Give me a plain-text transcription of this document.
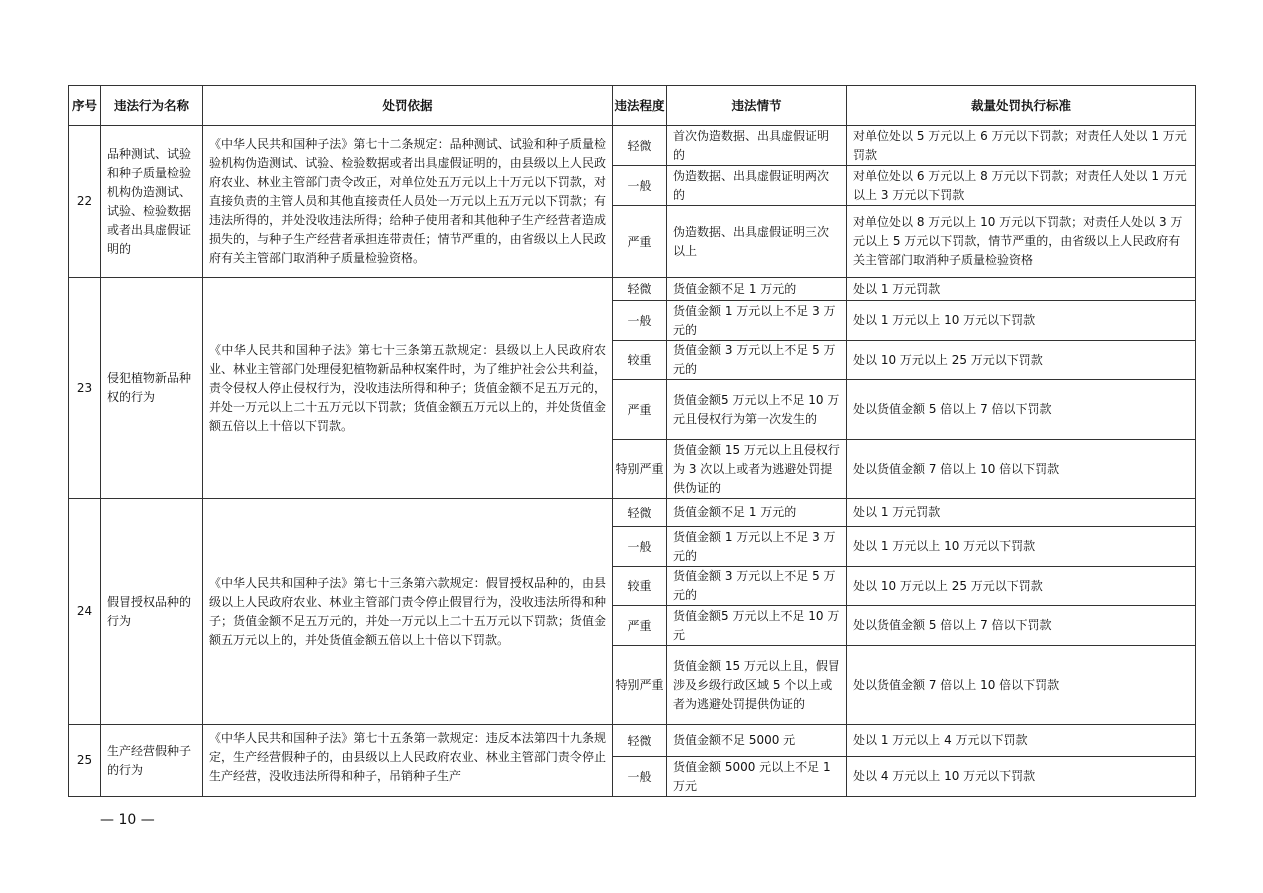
序号	违法行为名称	处罚依据	违法程度	违法情节	裁量处罚执行标准
22	品种测试、试验和种子质量检验机构伪造测试、试验、检验数据或者出具虚假证明的	《中华人民共和国种子法》第七十二条规定：品种测试、试验和种子质量检验机构伪造测试、试验、检验数据或者出具虚假证明的，由县级以上人民政府农业、林业主管部门责令改正，对单位处五万元以上十万元以下罚款，对直接负责的主管人员和其他直接责任人员处一万元以上五万元以下罚款；有违法所得的，并处没收违法所得；给种子使用者和其他种子生产经营者造成损失的，与种子生产经营者承担连带责任；情节严重的，由省级以上人民政府有关主管部门取消种子质量检验资格。	轻微	首次伪造数据、出具虚假证明的	对单位处以 5 万元以上 6 万元以下罚款；对责任人处以 1 万元罚款
			一般	伪造数据、出具虚假证明两次的	对单位处以 6 万元以上 8 万元以下罚款；对责任人处以 1 万元以上 3 万元以下罚款
			严重	伪造数据、出具虚假证明三次以上	对单位处以 8 万元以上 10 万元以下罚款；对责任人处以 3 万元以上 5 万元以下罚款，情节严重的，由省级以上人民政府有关主管部门取消种子质量检验资格
23	侵犯植物新品种权的行为	《中华人民共和国种子法》第七十三条第五款规定：县级以上人民政府农业、林业主管部门处理侵犯植物新品种权案件时，为了维护社会公共利益，责令侵权人停止侵权行为，没收违法所得和种子；货值金额不足五万元的，并处一万元以上二十五万元以下罚款；货值金额五万元以上的，并处货值金额五倍以上十倍以下罚款。	轻微	货值金额不足 1 万元的	处以 1 万元罚款
			一般	货值金额 1 万元以上不足 3 万元的	处以 1 万元以上 10 万元以下罚款
			较重	货值金额 3 万元以上不足 5 万元的	处以 10 万元以上 25 万元以下罚款
			严重	货值金额5 万元以上不足 10 万元且侵权行为第一次发生的	处以货值金额 5 倍以上 7 倍以下罚款
			特别严重	货值金额 15 万元以上且侵权行为 3 次以上或者为逃避处罚提供伪证的	处以货值金额 7 倍以上 10 倍以下罚款
24	假冒授权品种的行为	《中华人民共和国种子法》第七十三条第六款规定：假冒授权品种的，由县级以上人民政府农业、林业主管部门责令停止假冒行为，没收违法所得和种子；货值金额不足五万元的，并处一万元以上二十五万元以下罚款；货值金额五万元以上的，并处货值金额五倍以上十倍以下罚款。	轻微	货值金额不足 1 万元的	处以 1 万元罚款
			一般	货值金额 1 万元以上不足 3 万元的	处以 1 万元以上 10 万元以下罚款
			较重	货值金额 3 万元以上不足 5 万元的	处以 10 万元以上 25 万元以下罚款
			严重	货值金额5 万元以上不足 10 万元	处以货值金额 5 倍以上 7 倍以下罚款
			特别严重	货值金额 15 万元以上且，假冒涉及乡级行政区域 5 个以上或者为逃避处罚提供伪证的	处以货值金额 7 倍以上 10 倍以下罚款
25	生产经营假种子的行为	《中华人民共和国种子法》第七十五条第一款规定：违反本法第四十九条规定，生产经营假种子的，由县级以上人民政府农业、林业主管部门责令停止生产经营，没收违法所得和种子，吊销种子生产	轻微	货值金额不足 5000 元	处以 1 万元以上 4 万元以下罚款
			一般	货值金额 5000 元以上不足 1 万元	处以 4 万元以上 10 万元以下罚款
— 10 —
